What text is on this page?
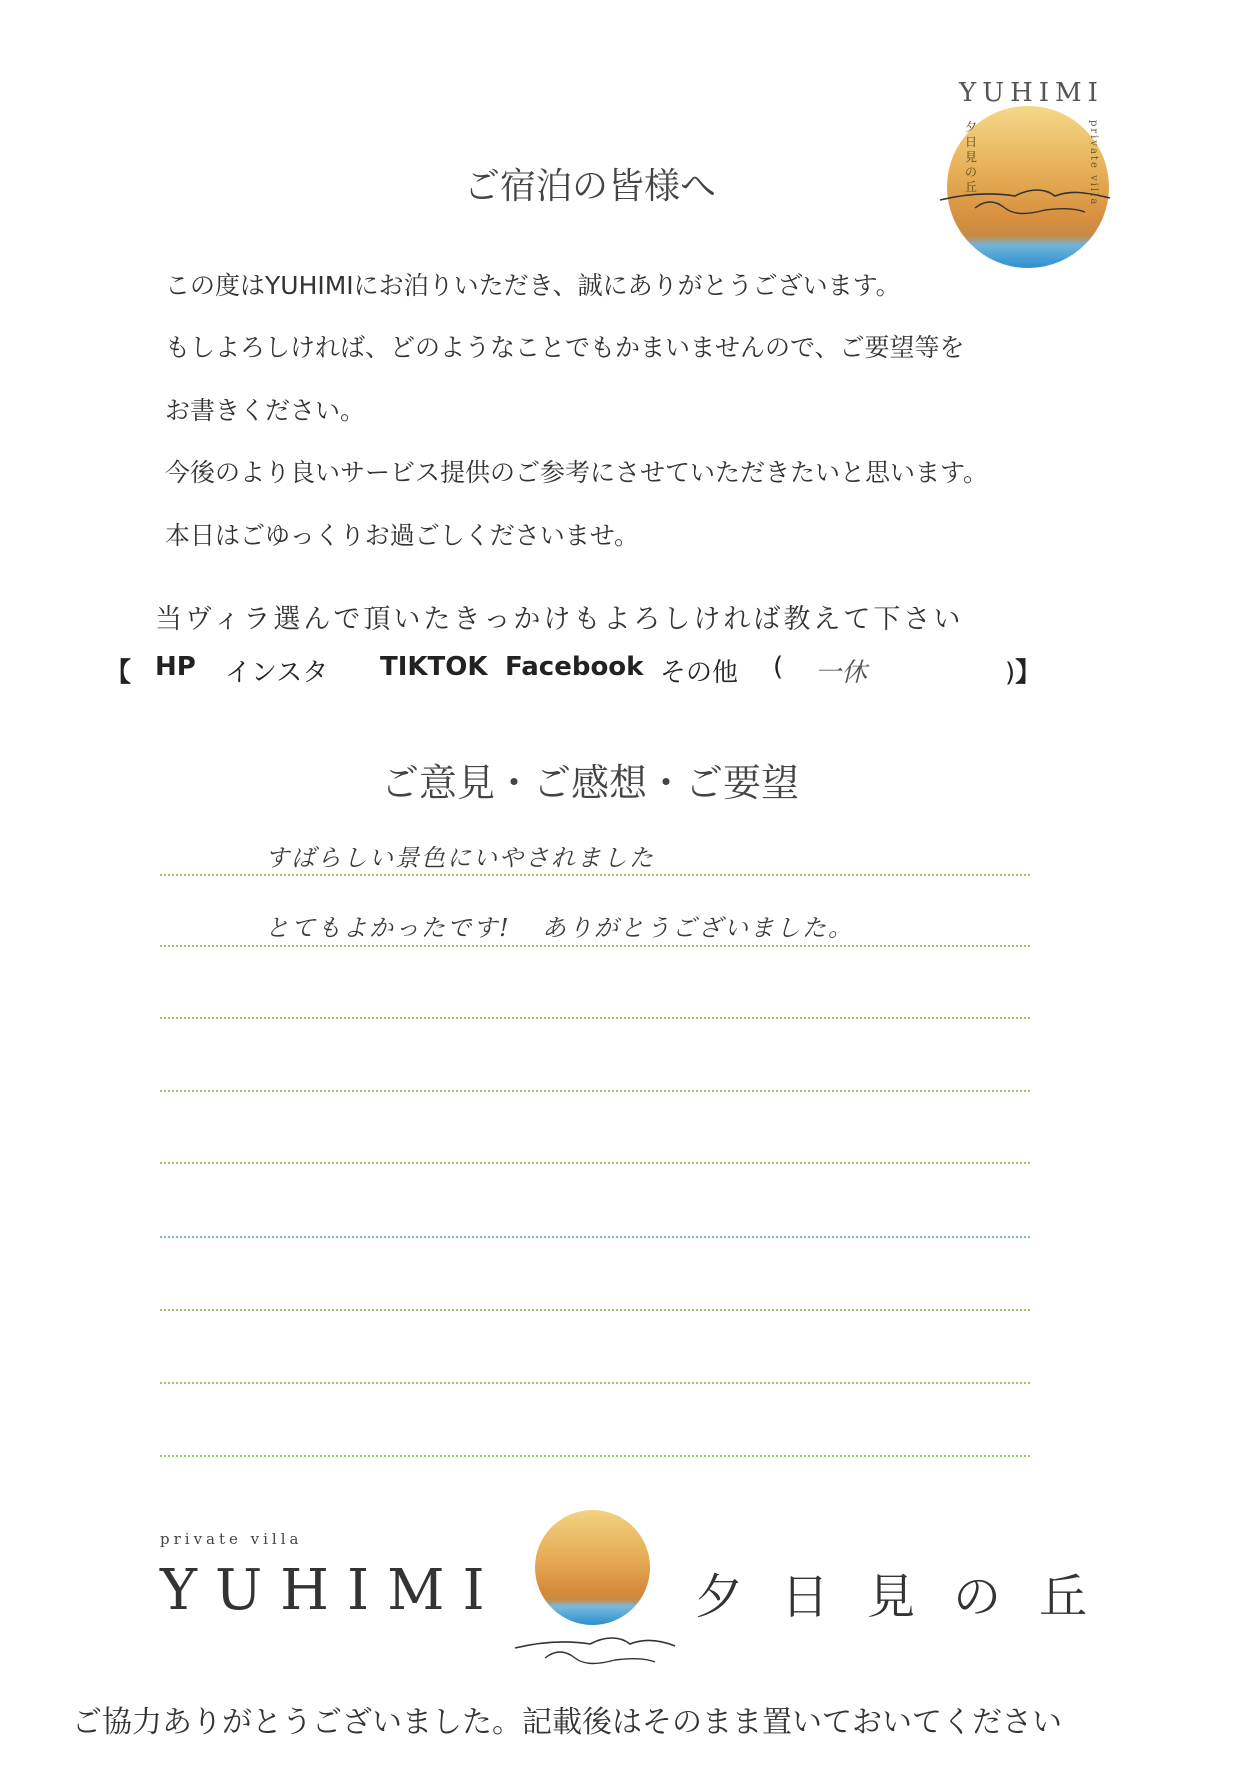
YUHIMI
夕日見の丘	private villa
ご宿泊の皆様へ
この度はYUHIMIにお泊りいただき、誠にありがとうございます。
もしよろしければ、どのようなことでもかまいませんので、ご要望等を
お書きください。
今後のより良いサービス提供のご参考にさせていただきたいと思います。
本日はごゆっくりお過ごしくださいませ。
当ヴィラ選んで頂いたきっかけもよろしければ教えて下さい
【 HP インスタ TIKTOK Facebook その他 ( 一休	)】
ご意見・ご感想・ご要望
すばらしい景色にいやされました
とてもよかったです! ありがとうございました。
private villa
YUHIMI	夕日見の丘
ご協力ありがとうございました。記載後はそのまま置いておいてください
